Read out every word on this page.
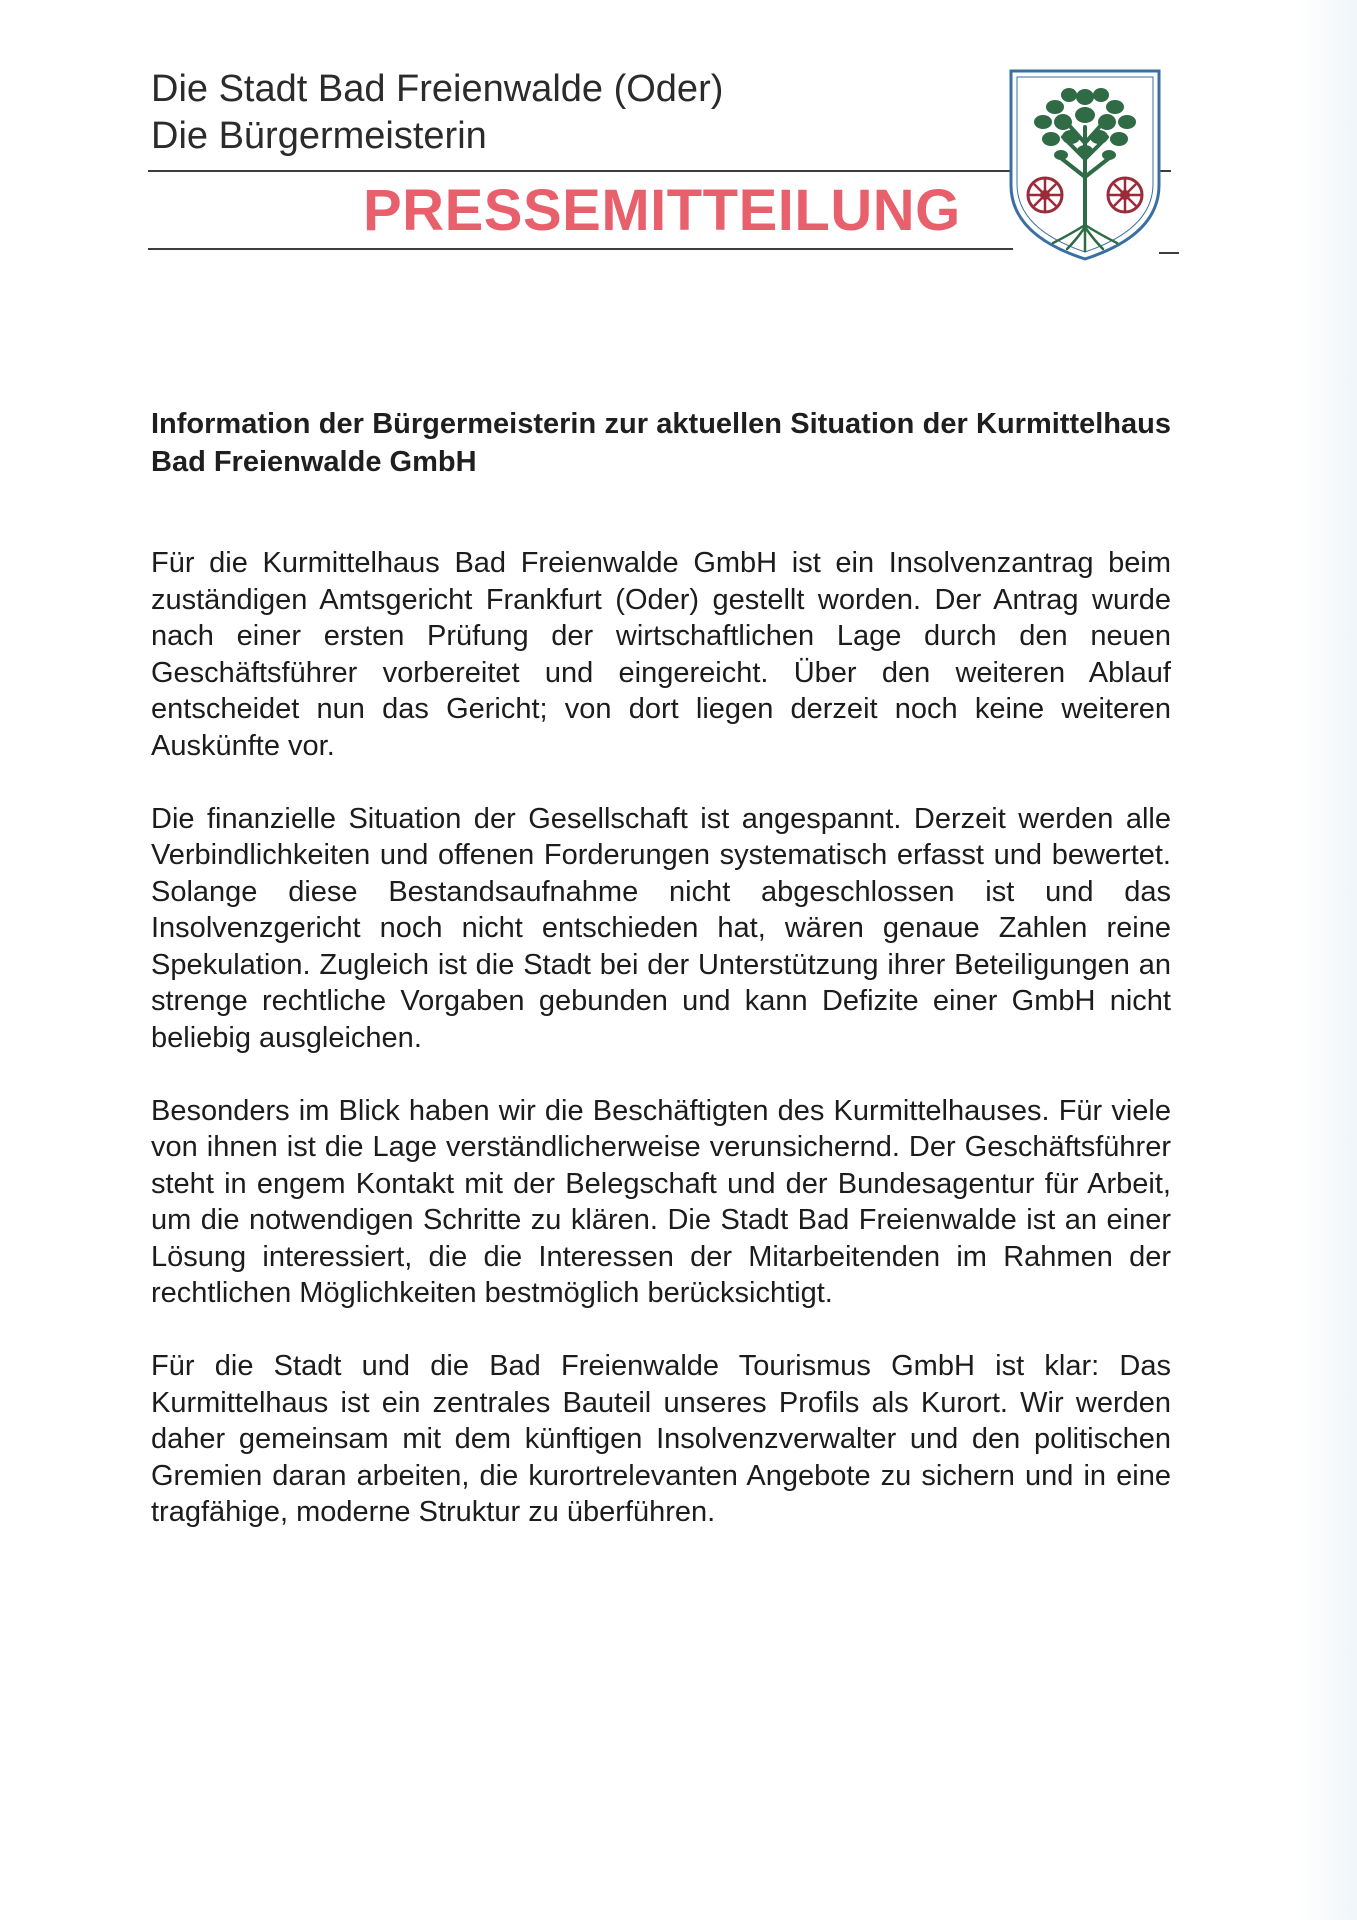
Die Stadt Bad Freienwalde (Oder)
Die Bürgermeisterin
PRESSEMITTEILUNG
Information der Bürgermeisterin zur aktuellen Situation der Kurmittelhaus Bad Freienwalde GmbH

Für die Kurmittelhaus Bad Freienwalde GmbH ist ein Insolvenzantrag beim zuständigen Amtsgericht Frankfurt (Oder) gestellt worden. Der Antrag wurde nach einer ersten Prüfung der wirtschaftlichen Lage durch den neuen Geschäftsführer vorbereitet und eingereicht. Über den weiteren Ablauf entscheidet nun das Gericht; von dort liegen derzeit noch keine weiteren Auskünfte vor.

Die finanzielle Situation der Gesellschaft ist angespannt. Derzeit werden alle Verbindlichkeiten und offenen Forderungen systematisch erfasst und bewertet. Solange diese Bestandsaufnahme nicht abgeschlossen ist und das Insolvenzgericht noch nicht entschieden hat, wären genaue Zahlen reine Spekulation. Zugleich ist die Stadt bei der Unterstützung ihrer Beteiligungen an strenge rechtliche Vorgaben gebunden und kann Defizite einer GmbH nicht beliebig ausgleichen.

Besonders im Blick haben wir die Beschäftigten des Kurmittelhauses. Für viele von ihnen ist die Lage verständlicherweise verunsichernd. Der Geschäftsführer steht in engem Kontakt mit der Belegschaft und der Bundesagentur für Arbeit, um die notwendigen Schritte zu klären. Die Stadt Bad Freienwalde ist an einer Lösung interessiert, die die Interessen der Mitarbeitenden im Rahmen der rechtlichen Möglichkeiten bestmöglich berücksichtigt.

Für die Stadt und die Bad Freienwalde Tourismus GmbH ist klar: Das Kurmittelhaus ist ein zentrales Bauteil unseres Profils als Kurort. Wir werden daher gemeinsam mit dem künftigen Insolvenzverwalter und den politischen Gremien daran arbeiten, die kurortrelevanten Angebote zu sichern und in eine tragfähige, moderne Struktur zu überführen.
